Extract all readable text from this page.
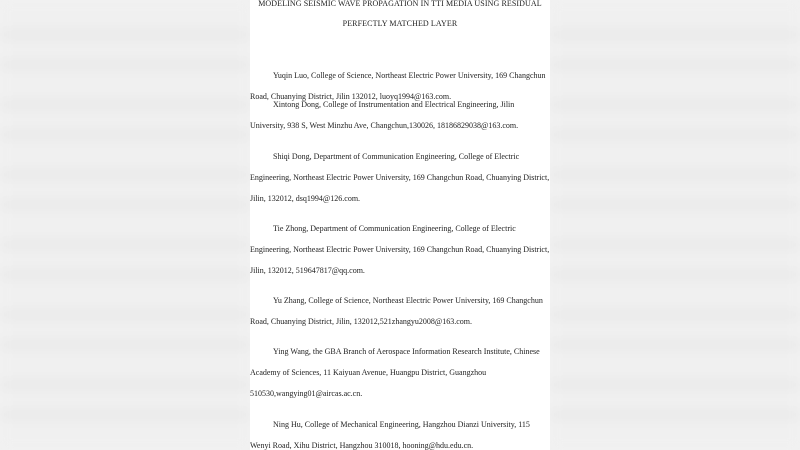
MODELING SEISMIC WAVE PROPAGATION IN TTI MEDIA USING RESIDUAL
PERFECTLY MATCHED LAYER
Yuqin Luo, College of Science, Northeast Electric Power University, 169 Changchun
Road, Chuanying District, Jilin 132012, luoyq1994@163.com.
Xintong Dong, College of Instrumentation and Electrical Engineering, Jilin
University, 938 S, West Minzhu Ave, Changchun,130026, 18186829038@163.com.
Shiqi Dong, Department of Communication Engineering, College of Electric
Engineering, Northeast Electric Power University, 169 Changchun Road, Chuanying District,
Jilin, 132012, dsq1994@126.com.
Tie Zhong, Department of Communication Engineering, College of Electric
Engineering, Northeast Electric Power University, 169 Changchun Road, Chuanying District,
Jilin, 132012, 519647817@qq.com.
Yu Zhang, College of Science, Northeast Electric Power University, 169 Changchun
Road, Chuanying District, Jilin, 132012,521zhangyu2008@163.com.
Ying Wang, the GBA Branch of Aerospace Information Research Institute, Chinese
Academy of Sciences, 11 Kaiyuan Avenue, Huangpu District, Guangzhou
510530,wangying01@aircas.ac.cn.
Ning Hu, College of Mechanical Engineering, Hangzhou Dianzi University, 115
Wenyi Road, Xihu District, Hangzhou 310018, hooning@hdu.edu.cn.
